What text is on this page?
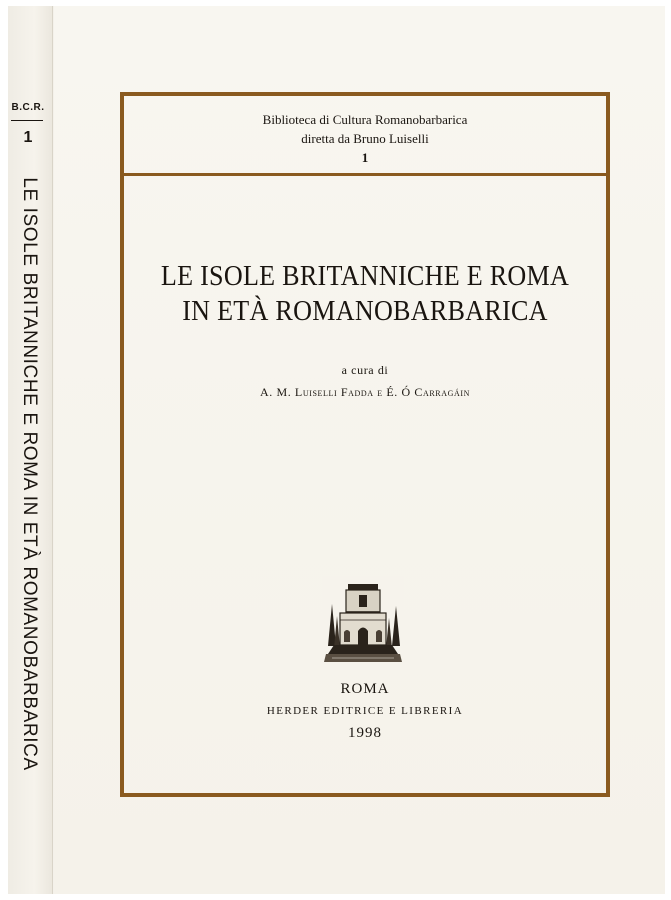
B.C.R.
1
LE ISOLE BRITANNICHE E ROMA IN ETÀ ROMANOBARBARICA
Biblioteca di Cultura Romanobarbarica
diretta da Bruno Luiselli
1
LE ISOLE BRITANNICHE E ROMA
IN ETÀ ROMANOBARBARICA
a cura di
A. M. Luiselli Fadda e É. Ó Carragáin
ROMA
HERDER EDITRICE E LIBRERIA
1998
